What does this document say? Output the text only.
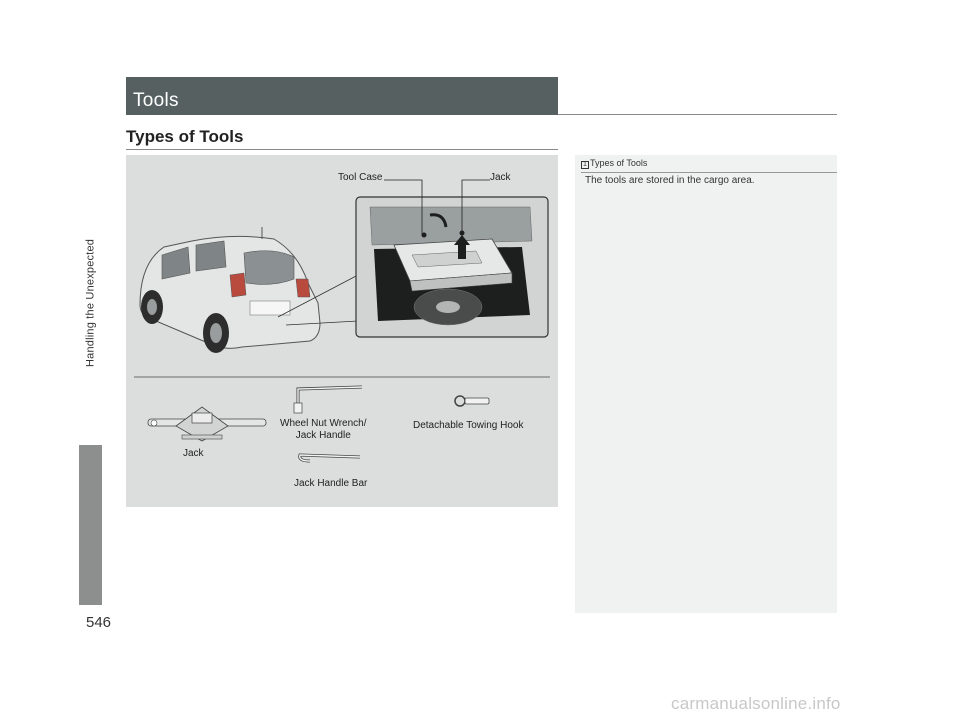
Handling the Unexpected
546
Tools
Types of Tools
Tool Case	Jack
Jack
Wheel Nut Wrench/
Jack Handle
Detachable Towing Hook
Jack Handle Bar
1 Types of Tools
The tools are stored in the cargo area.
carmanualsonline.info
